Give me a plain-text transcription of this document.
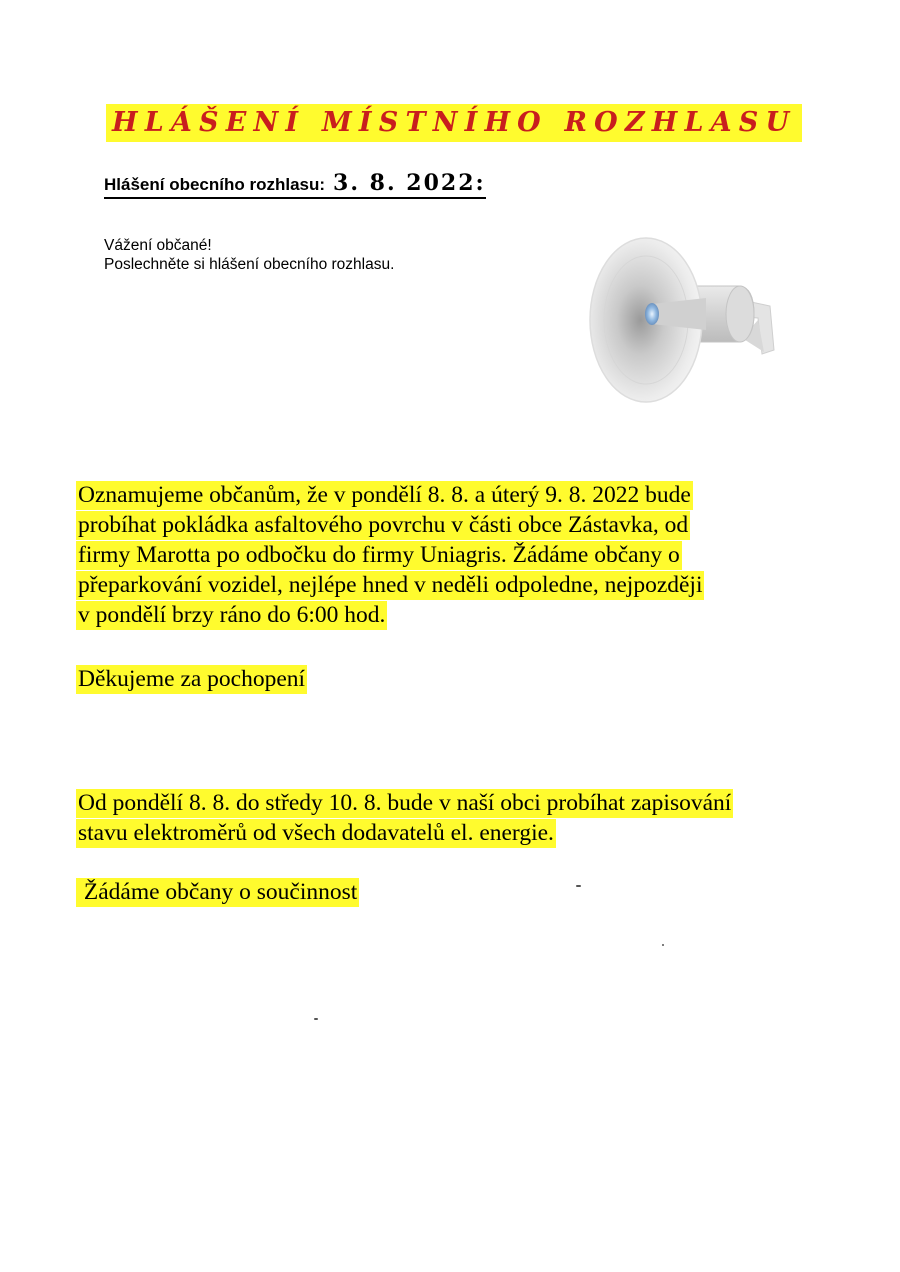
HLÁŠENÍ MÍSTNÍHO ROZHLASU
Hlášení obecního rozhlasu: 3. 8. 2022:

Vážení občané!

Poslechněte si hlášení obecního rozhlasu.

Oznamujeme občanům, že v pondělí 8. 8. a úterý 9. 8. 2022 bude
probíhat pokládka asfaltového povrchu v části obce Zástavka, od
firmy Marotta po odbočku do firmy Uniagris. Žádáme občany o
přeparkování vozidel, nejlépe hned v neděli odpoledne, nejpozději
v pondělí brzy ráno do 6:00 hod.
Děkujeme za pochopení
Od pondělí 8. 8. do středy 10. 8. bude v naší obci probíhat zapisování
stavu elektroměrů od všech dodavatelů el. energie.
Žádáme občany o součinnost
